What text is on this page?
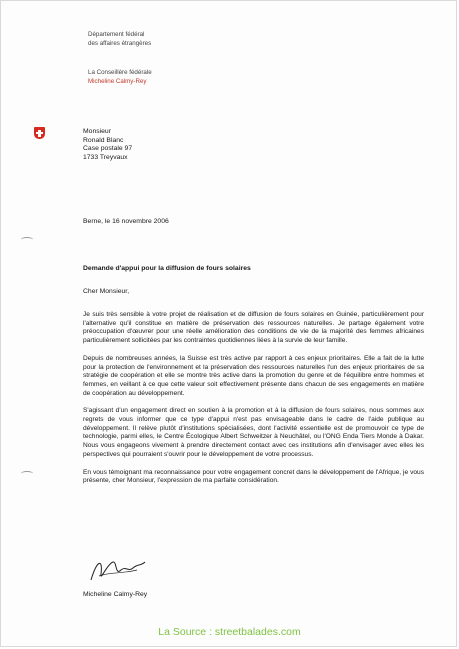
Département fédéral
des affaires étrangères
La Conseillère fédérale
Micheline Calmy-Rey
Monsieur
Ronald Blanc
Case postale 97
1733 Treyvaux
Berne, le 16 novembre 2006
Demande d'appui pour la diffusion de fours solaires
Cher Monsieur,

Je suis très sensible à votre projet de réalisation et de diffusion de fours solaires en Guinée, particulièrement pour l'alternative qu'il constitue en matière de préservation des ressources naturelles. Je partage également votre préoccupation d'œuvrer pour une réelle amélioration des conditions de vie de la majorité des femmes africaines particulièrement sollicitées par les contraintes quotidiennes liées à la survie de leur famille.

Depuis de nombreuses années, la Suisse est très active par rapport à ces enjeux prioritaires. Elle a fait de la lutte pour la protection de l'environnement et la préservation des ressources naturelles l'un des enjeux prioritaires de sa stratégie de coopération et elle se montre très active dans la promotion du genre et de l'équilibre entre hommes et femmes, en veillant à ce que cette valeur soit effectivement présente dans chacun de ses engagements en matière de coopération au développement.

S'agissant d'un engagement direct en soutien à la promotion et à la diffusion de fours solaires, nous sommes aux regrets de vous informer que ce type d'appui n'est pas envisageable dans le cadre de l'aide publique au développement. Il relève plutôt d'institutions spécialisées, dont l'activité essentielle est de promouvoir ce type de technologie, parmi elles, le Centre Écologique Albert Schweitzer à Neuchâtel, ou l'ONG Enda Tiers Monde à Dakar. Nous vous engageons vivement à prendre directement contact avec ces institutions afin d'envisager avec elles les perspectives qui pourraient s'ouvrir pour le développement de votre processus.

En vous témoignant ma reconnaissance pour votre engagement concret dans le développement de l'Afrique, je vous présente, cher Monsieur, l'expression de ma parfaite considération.

Micheline Calmy-Rey
La Source : streetbalades.com
